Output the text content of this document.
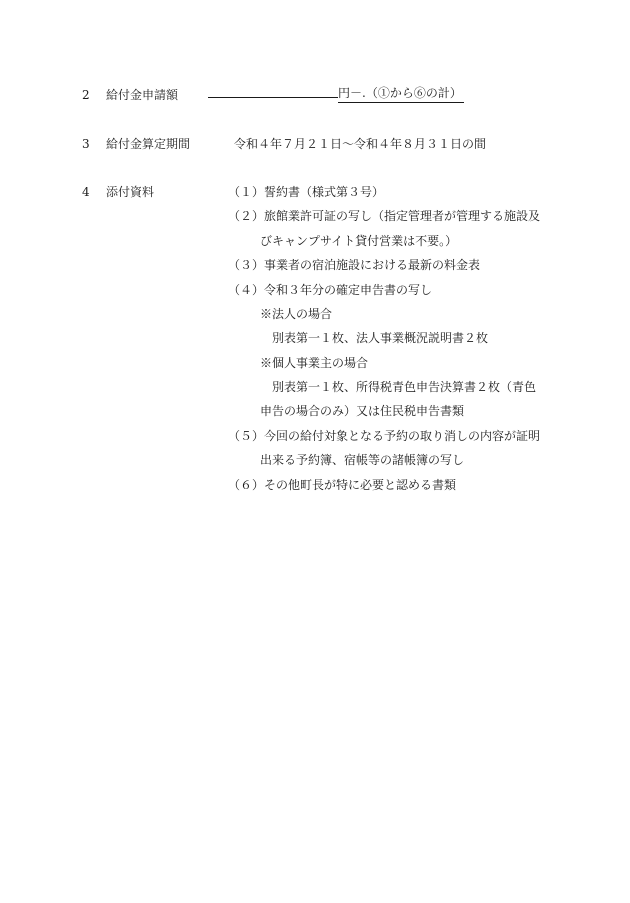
2 給付金申請額	円－.（①から⑥の計）
3 給付金算定期間	令和４年７月２１日～令和４年８月３１日の間
4 添付資料	（１）誓約書（様式第３号）
（２）旅館業許可証の写し（指定管理者が管理する施設及
びキャンプサイト貸付営業は不要。）
（３）事業者の宿泊施設における最新の料金表
（４）令和３年分の確定申告書の写し
※法人の場合
別表第一１枚、法人事業概況説明書２枚
※個人事業主の場合
別表第一１枚、所得税青色申告決算書２枚（青色
申告の場合のみ）又は住民税申告書類
（５）今回の給付対象となる予約の取り消しの内容が証明
出来る予約簿、宿帳等の諸帳簿の写し
（６）その他町長が特に必要と認める書類
